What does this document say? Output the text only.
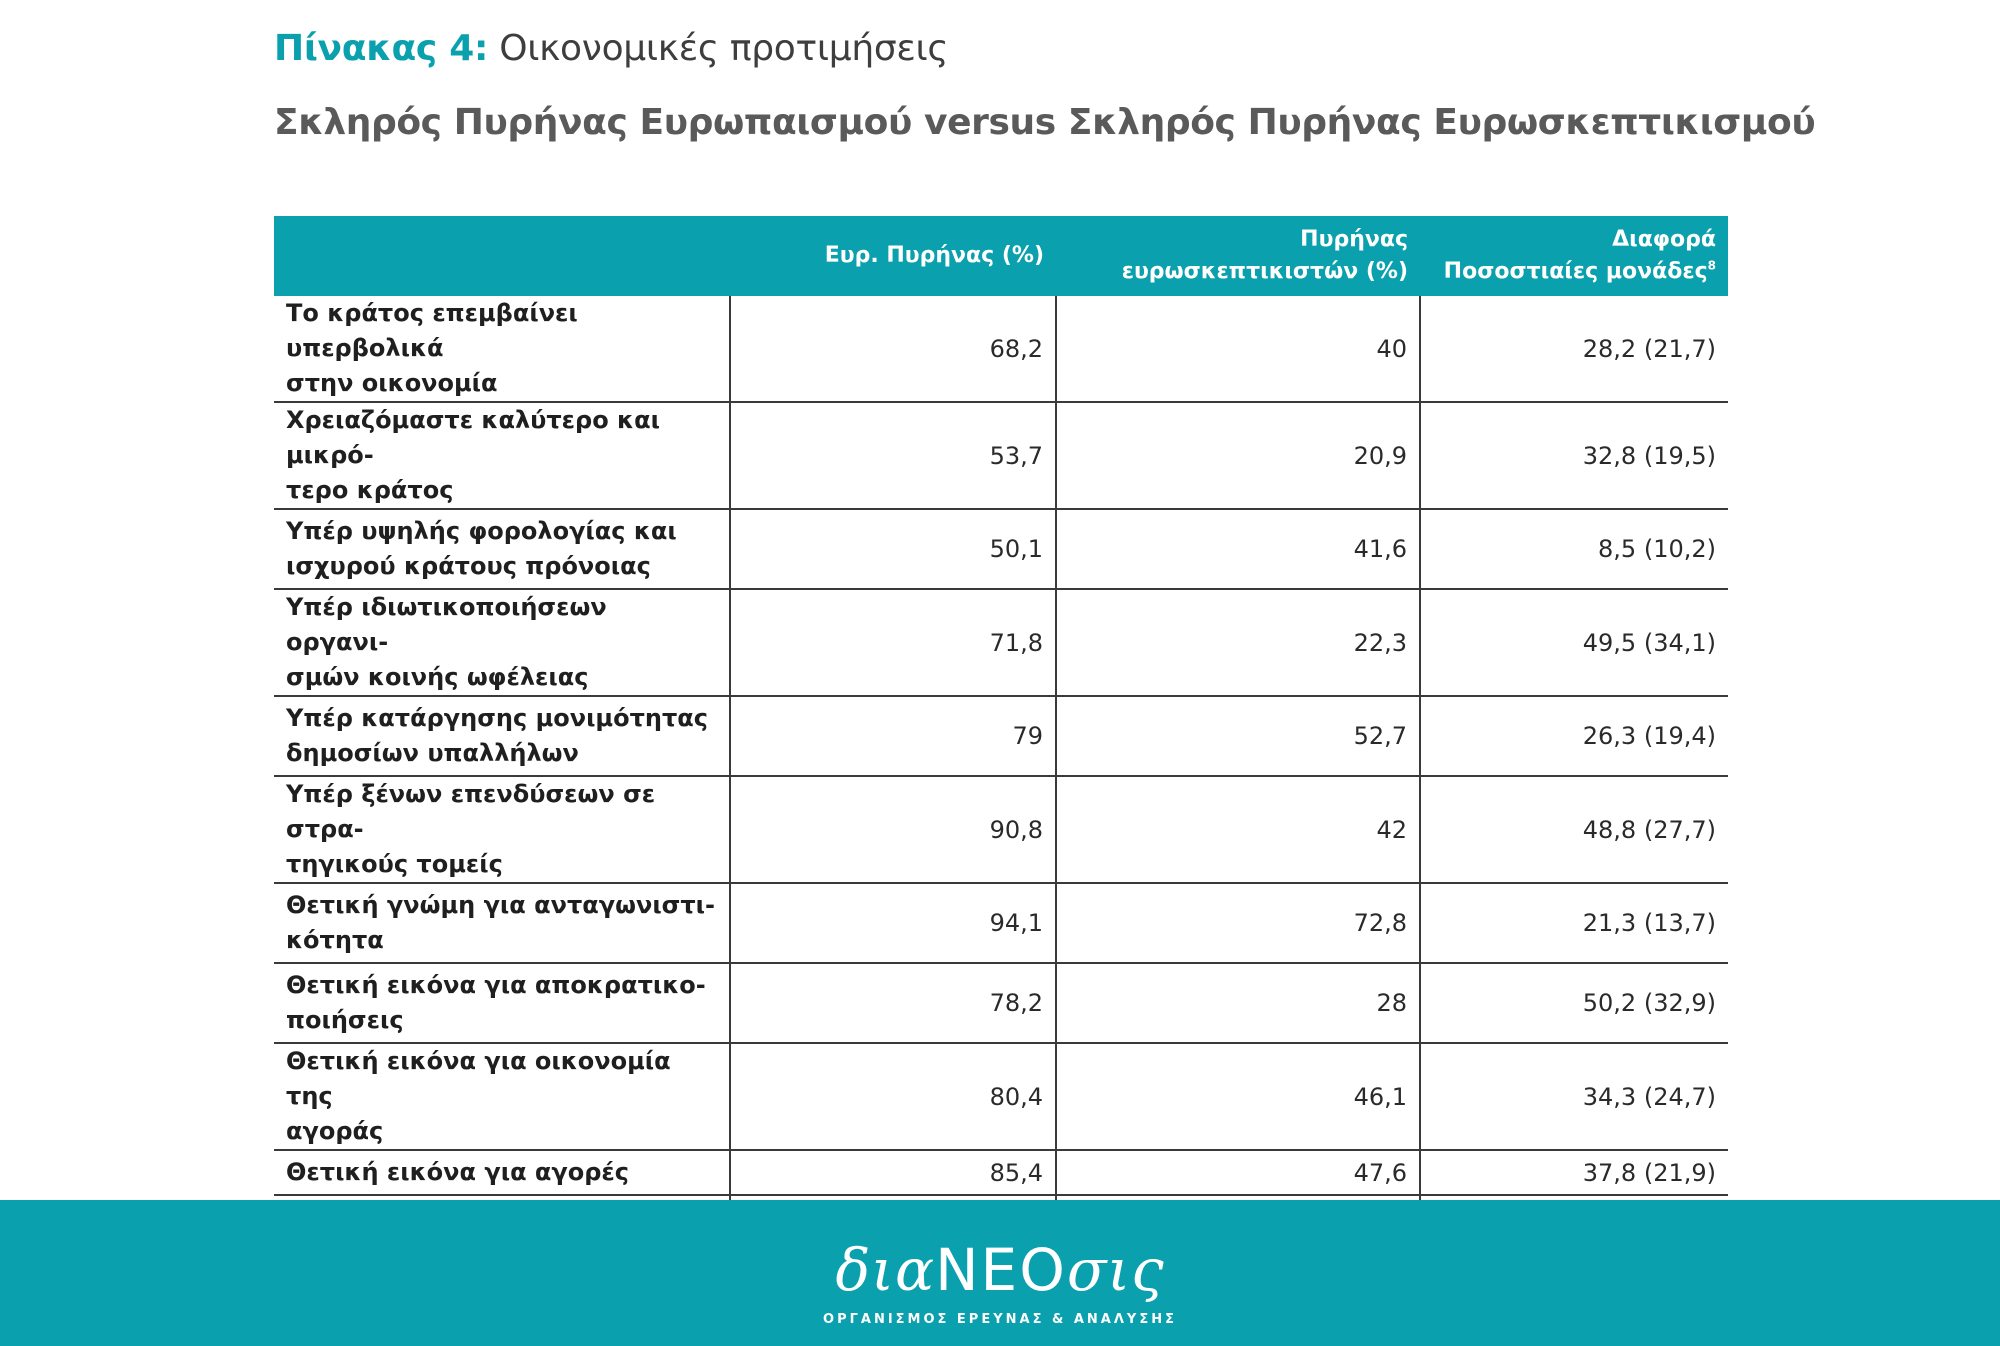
Πίνακας 4: Οικονομικές προτιμήσεις
Σκληρός Πυρήνας Ευρωπαισμού versus Σκληρός Πυρήνας Ευρωσκεπτικισμού
	Ευρ. Πυρήνας (%)	Πυρήνας
ευρωσκεπτικιστών (%)	Διαφορά
Ποσοστιαίες μονάδες$^8$
Το κράτος επεμβαίνει υπερβολικά
στην οικονομία	68,2	40	28,2 (21,7)
Χρειαζόμαστε καλύτερο και μικρό-
τερο κράτος	53,7	20,9	32,8 (19,5)
Υπέρ υψηλής φορολογίας και
ισχυρού κράτους πρόνοιας	50,1	41,6	8,5 (10,2)
Υπέρ ιδιωτικοποιήσεων οργανι-
σμών κοινής ωφέλειας	71,8	22,3	49,5 (34,1)
Υπέρ κατάργησης μονιμότητας
δημοσίων υπαλλήλων	79	52,7	26,3 (19,4)
Υπέρ ξένων επενδύσεων σε στρα-
τηγικούς τομείς	90,8	42	48,8 (27,7)
Θετική γνώμη για ανταγωνιστι-
κότητα	94,1	72,8	21,3 (13,7)
Θετική εικόνα για αποκρατικο-
ποιήσεις	78,2	28	50,2 (32,9)
Θετική εικόνα για οικονομία της
αγοράς	80,4	46,1	34,3 (24,7)
Θετική εικόνα για αγορές	85,4	47,6	37,8 (21,9)

διαNEOσις
ΟΡΓΑΝΙΣΜΟΣ ΕΡΕΥΝΑΣ & ΑΝΑΛΥΣΗΣ
